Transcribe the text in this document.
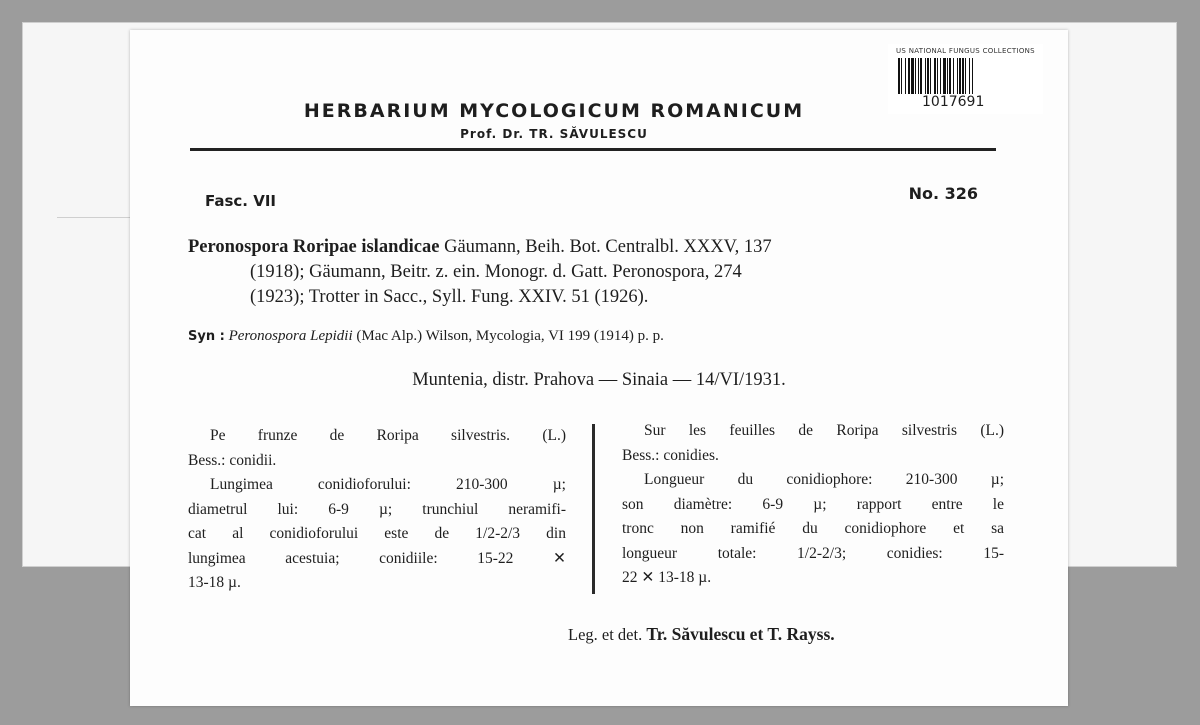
HERBARIUM MYCOLOGICUM ROMANICUM
Prof. Dr. TR. SĂVULESCU
Fasc. VII	No. 326
Peronospora Roripae islandicae Gäumann, Beih. Bot. Centralbl. XXXV, 137
(1918); Gäumann, Beitr. z. ein. Monogr. d. Gatt. Peronospora, 274
(1923); Trotter in Sacc., Syll. Fung. XXIV. 51 (1926).
Syn : Peronospora Lepidii (Mac Alp.) Wilson, Mycologia, VI 199 (1914) p. p.
Muntenia, distr. Prahova — Sinaia — 14/VI/1931.
Pe frunze de Roripa silvestris. (L.)
Bess.: conidii.
Lungimea conidioforului: 210-300 µ;
diametrul lui: 6-9 µ; trunchiul neramifi-
cat al conidioforului este de 1/2-2/3 din
lungimea acestuia; conidiile: 15-22 ✕
13-18 µ.
Sur les feuilles de Roripa silvestris (L.)
Bess.: conidies.
Longueur du conidiophore: 210-300 µ;
son diamètre: 6-9 µ; rapport entre le
tronc non ramifié du conidiophore et sa
longueur totale: 1/2-2/3; conidies: 15-
22 ✕ 13-18 µ.
Leg. et det. Tr. Săvulescu et T. Rayss.
US NATIONAL FUNGUS COLLECTIONS
1017691
